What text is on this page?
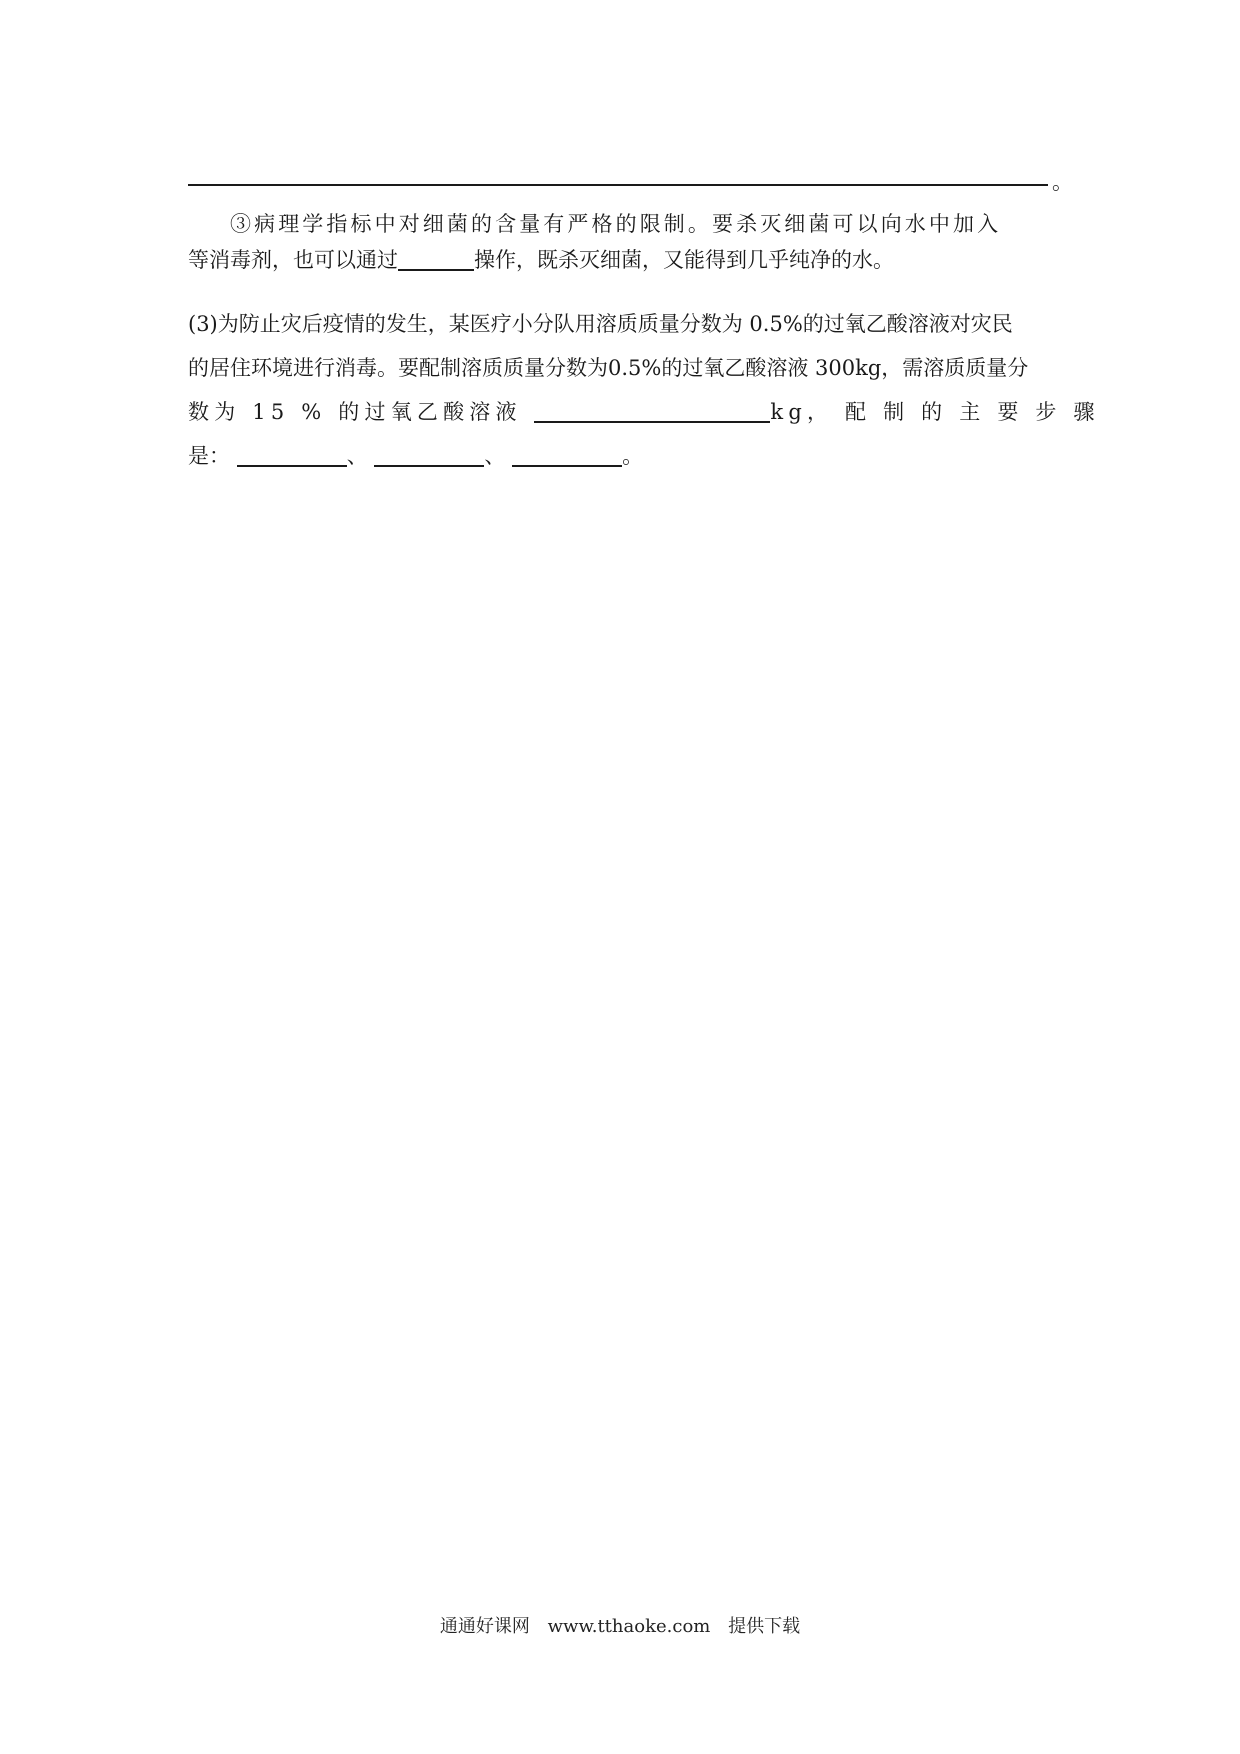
。
③病理学指标中对细菌的含量有严格的限制。要杀灭细菌可以向水中加入
等消毒剂，也可以通过	操作，既杀灭细菌，又能得到几乎纯净的水。
(3)为防止灾后疫情的发生，某医疗小分队用溶质质量分数为 0.5%的过氧乙酸溶液对灾民
的居住环境进行消毒。要配制溶质质量分数为0.5%的过氧乙酸溶液 300kg，需溶质质量分
数为 15 % 的过氧乙酸溶液	kg， 配 制 的 主 要 步 骤
是：	、	、	。
通通好课网 www.tthaoke.com 提供下载
